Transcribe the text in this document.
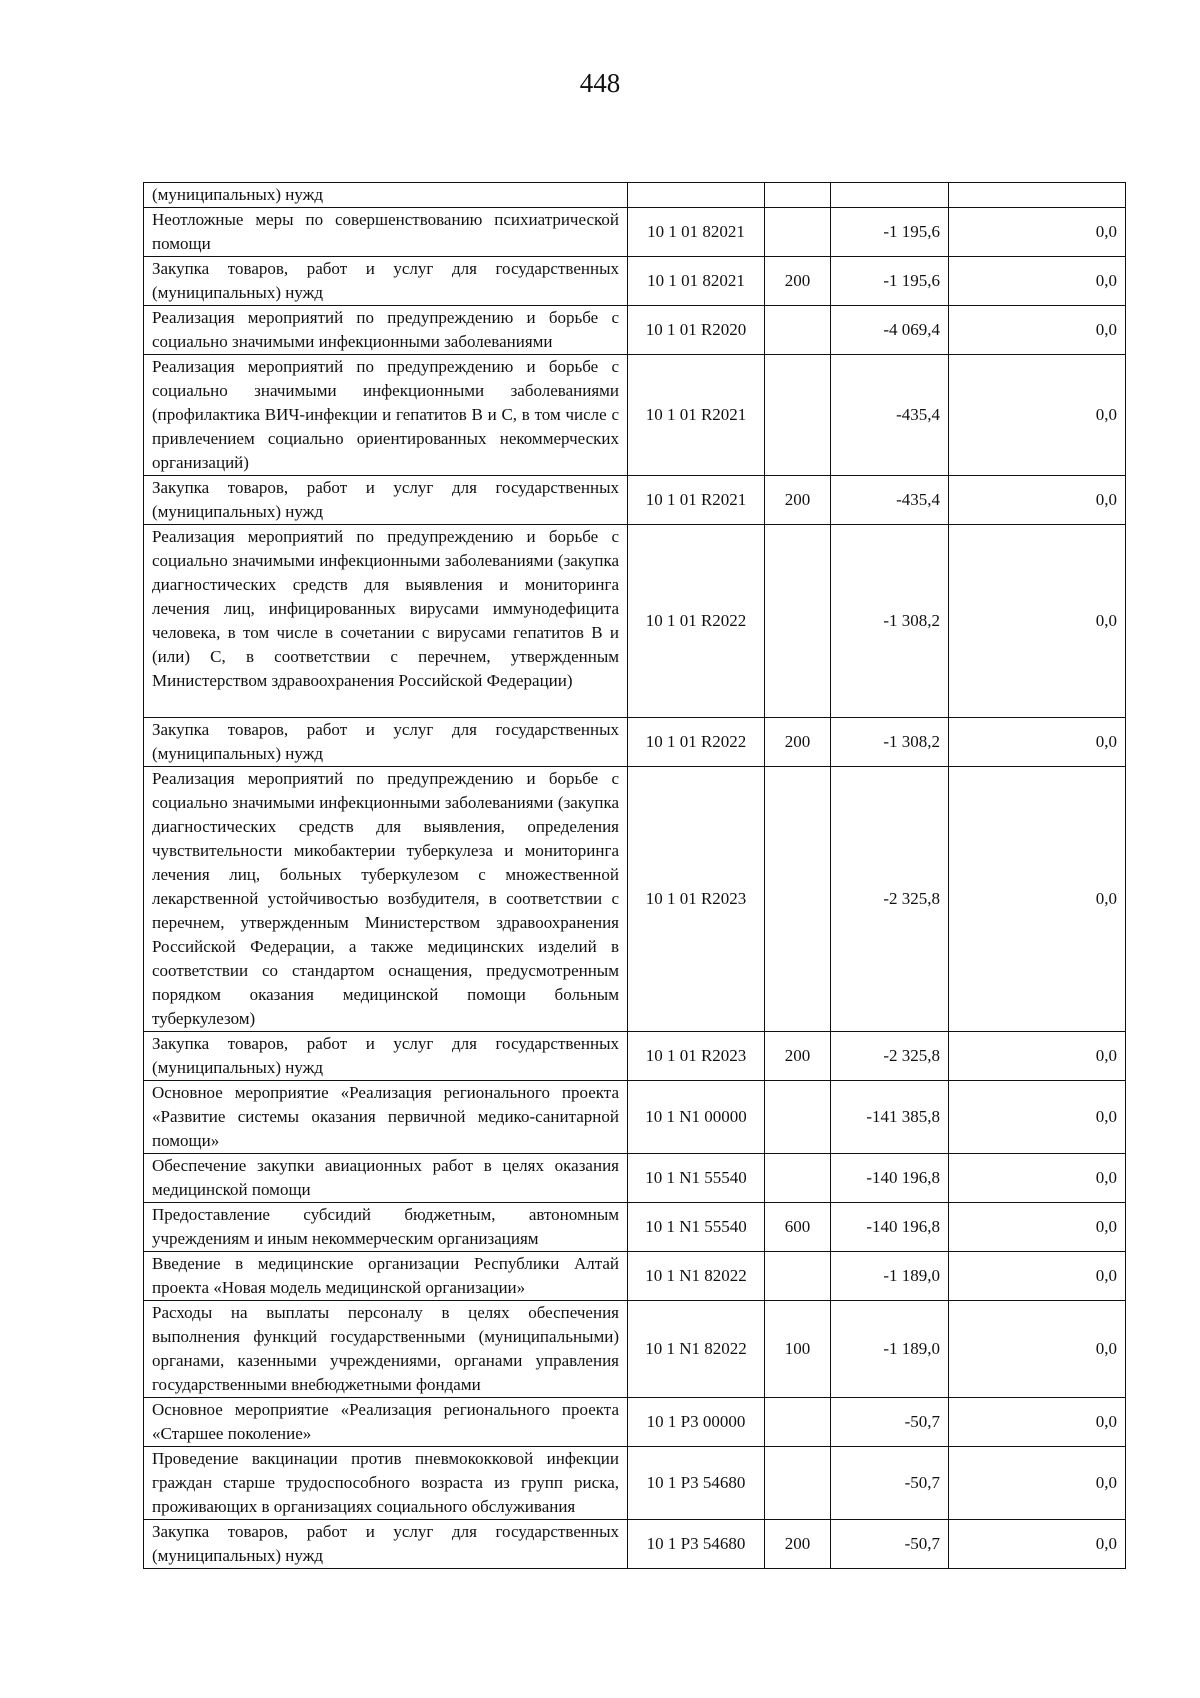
448
(муниципальных) нужд				
Неотложные меры по совершенствованию психиатрической помощи	10 1 01 82021		-1 195,6	0,0
Закупка товаров, работ и услуг для государственных (муниципальных) нужд	10 1 01 82021	200	-1 195,6	0,0
Реализация мероприятий по предупреждению и борьбе с социально значимыми инфекционными заболеваниями	10 1 01 R2020		-4 069,4	0,0
Реализация мероприятий по предупреждению и борьбе с социально значимыми инфекционными заболеваниями (профилактика ВИЧ-инфекции и гепатитов В и С, в том числе с привлечением социально ориентированных некоммерческих организаций)	10 1 01 R2021		-435,4	0,0
Закупка товаров, работ и услуг для государственных (муниципальных) нужд	10 1 01 R2021	200	-435,4	0,0
Реализация мероприятий по предупреждению и борьбе с социально значимыми инфекционными заболеваниями (закупка диагностических средств для выявления и мониторинга лечения лиц, инфицированных вирусами иммунодефицита человека, в том числе в сочетании с вирусами гепатитов В и (или) С, в соответствии с перечнем, утвержденным Министерством здравоохранения Российской Федерации)	10 1 01 R2022		-1 308,2	0,0
Закупка товаров, работ и услуг для государственных (муниципальных) нужд	10 1 01 R2022	200	-1 308,2	0,0
Реализация мероприятий по предупреждению и борьбе с социально значимыми инфекционными заболеваниями (закупка диагностических средств для выявления, определения чувствительности микобактерии туберкулеза и мониторинга лечения лиц, больных туберкулезом с множественной лекарственной устойчивостью возбудителя, в соответствии с перечнем, утвержденным Министерством здравоохранения Российской Федерации, а также медицинских изделий в соответствии со стандартом оснащения, предусмотренным порядком оказания медицинской помощи больным туберкулезом)	10 1 01 R2023		-2 325,8	0,0
Закупка товаров, работ и услуг для государственных (муниципальных) нужд	10 1 01 R2023	200	-2 325,8	0,0
Основное мероприятие «Реализация регионального проекта «Развитие системы оказания первичной медико-санитарной помощи»	10 1 N1 00000		-141 385,8	0,0
Обеспечение закупки авиационных работ в целях оказания медицинской помощи	10 1 N1 55540		-140 196,8	0,0
Предоставление субсидий бюджетным, автономным учреждениям и иным некоммерческим организациям	10 1 N1 55540	600	-140 196,8	0,0
Введение в медицинские организации Республики Алтай проекта «Новая модель медицинской организации»	10 1 N1 82022		-1 189,0	0,0
Расходы на выплаты персоналу в целях обеспечения выполнения функций государственными (муниципальными) органами, казенными учреждениями, органами управления государственными внебюджетными фондами	10 1 N1 82022	100	-1 189,0	0,0
Основное мероприятие «Реализация регионального проекта «Старшее поколение»	10 1 P3 00000		-50,7	0,0
Проведение вакцинации против пневмококковой инфекции граждан старше трудоспособного возраста из групп риска, проживающих в организациях социального обслуживания	10 1 P3 54680		-50,7	0,0
Закупка товаров, работ и услуг для государственных (муниципальных) нужд	10 1 P3 54680	200	-50,7	0,0
